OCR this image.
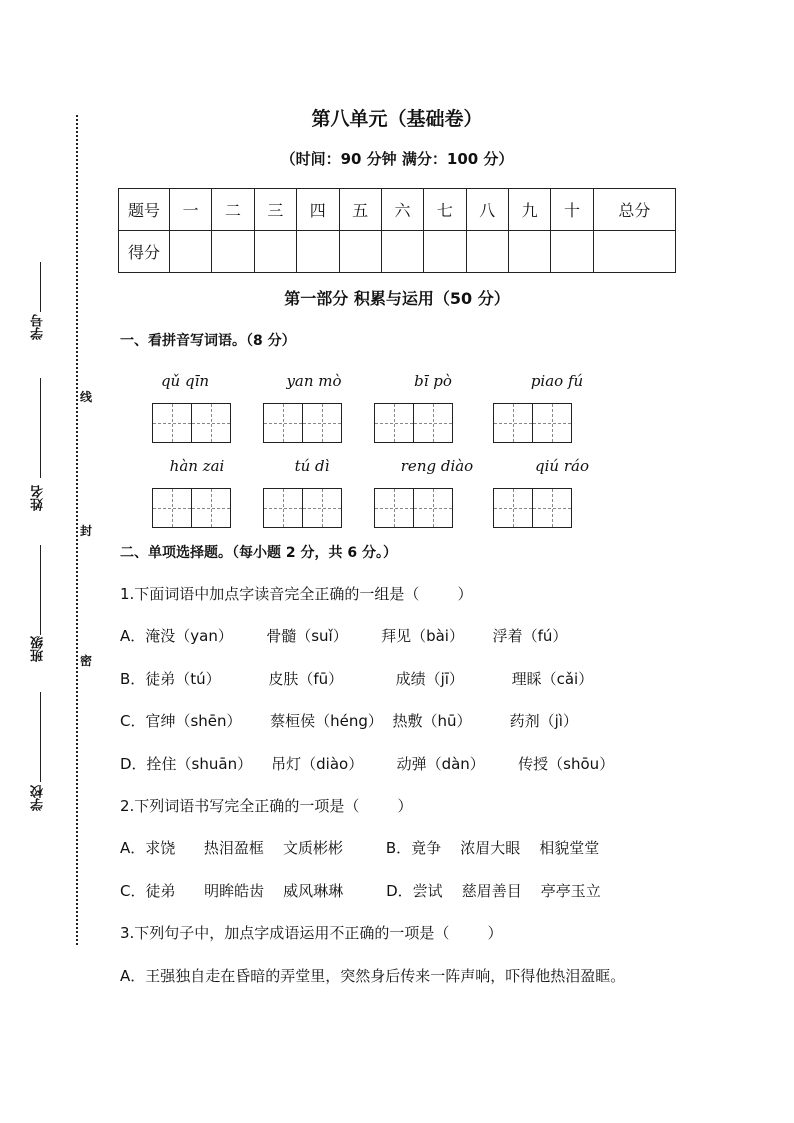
学号
姓名
班级
学校
线
封
密
第八单元（基础卷）
（时间：90 分钟 满分：100 分）
题号	一	二	三	四	五	六	七	八	九	十	总分
得分											
第一部分 积累与运用（50 分）
一、看拼音写词语。（8 分）
qǔ qīn	yan mò	bī pò	piao fú
hàn zai	tú dì	reng diào	qiú ráo
二、单项选择题。（每小题 2 分，共 6 分。）
1.下面词语中加点字读音完全正确的一组是（        ）
A．淹没（yan）       骨髓（suǐ）       拜见（bài）      浮着（fú）
B．徒弟（tú）          皮肤（fū）           成绩（jī）          理睬（cǎi）
C．官绅（shēn）      蔡桓侯（héng）  热敷（hū）        药剂（jì）
D．拴住（shuān）    吊灯（diào）       动弹（dàn）       传授（shōu）
2.下列词语书写完全正确的一项是（        ）
A．求饶      热泪盈框    文质彬彬         B．竟争    浓眉大眼    相貌堂堂
C．徒弟      明眸皓齿    威风琳琳         D．尝试    慈眉善目    亭亭玉立
3.下列句子中，加点字成语运用不正确的一项是（        ）
A．王强独自走在昏暗的弄堂里，突然身后传来一阵声响，吓得他热泪盈眶。
